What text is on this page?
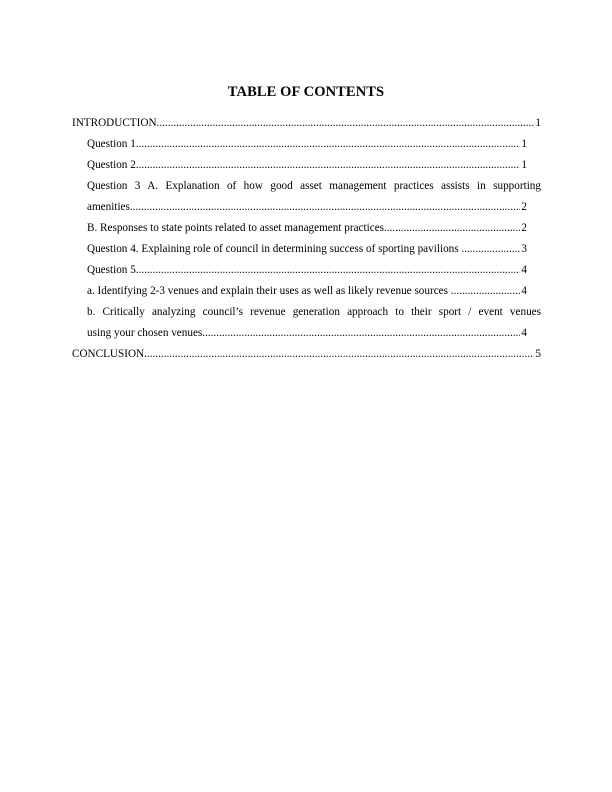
TABLE OF CONTENTS
INTRODUCTION .....	1
Question 1 .....	1
Question 2 .....	1
Question 3 A. Explanation of how good asset management practices assists in supporting
amenities .....	2
B. Responses to state points related to asset management practices .....	2
Question 4. Explaining role of council in determining success of sporting pavilions .....	3
Question 5 .....	4
a. Identifying 2-3 venues and explain their uses as well as likely revenue sources .....	4
b. Critically analyzing council’s revenue generation approach to their sport / event venues
using your chosen venues .....	4
CONCLUSION .....	5
